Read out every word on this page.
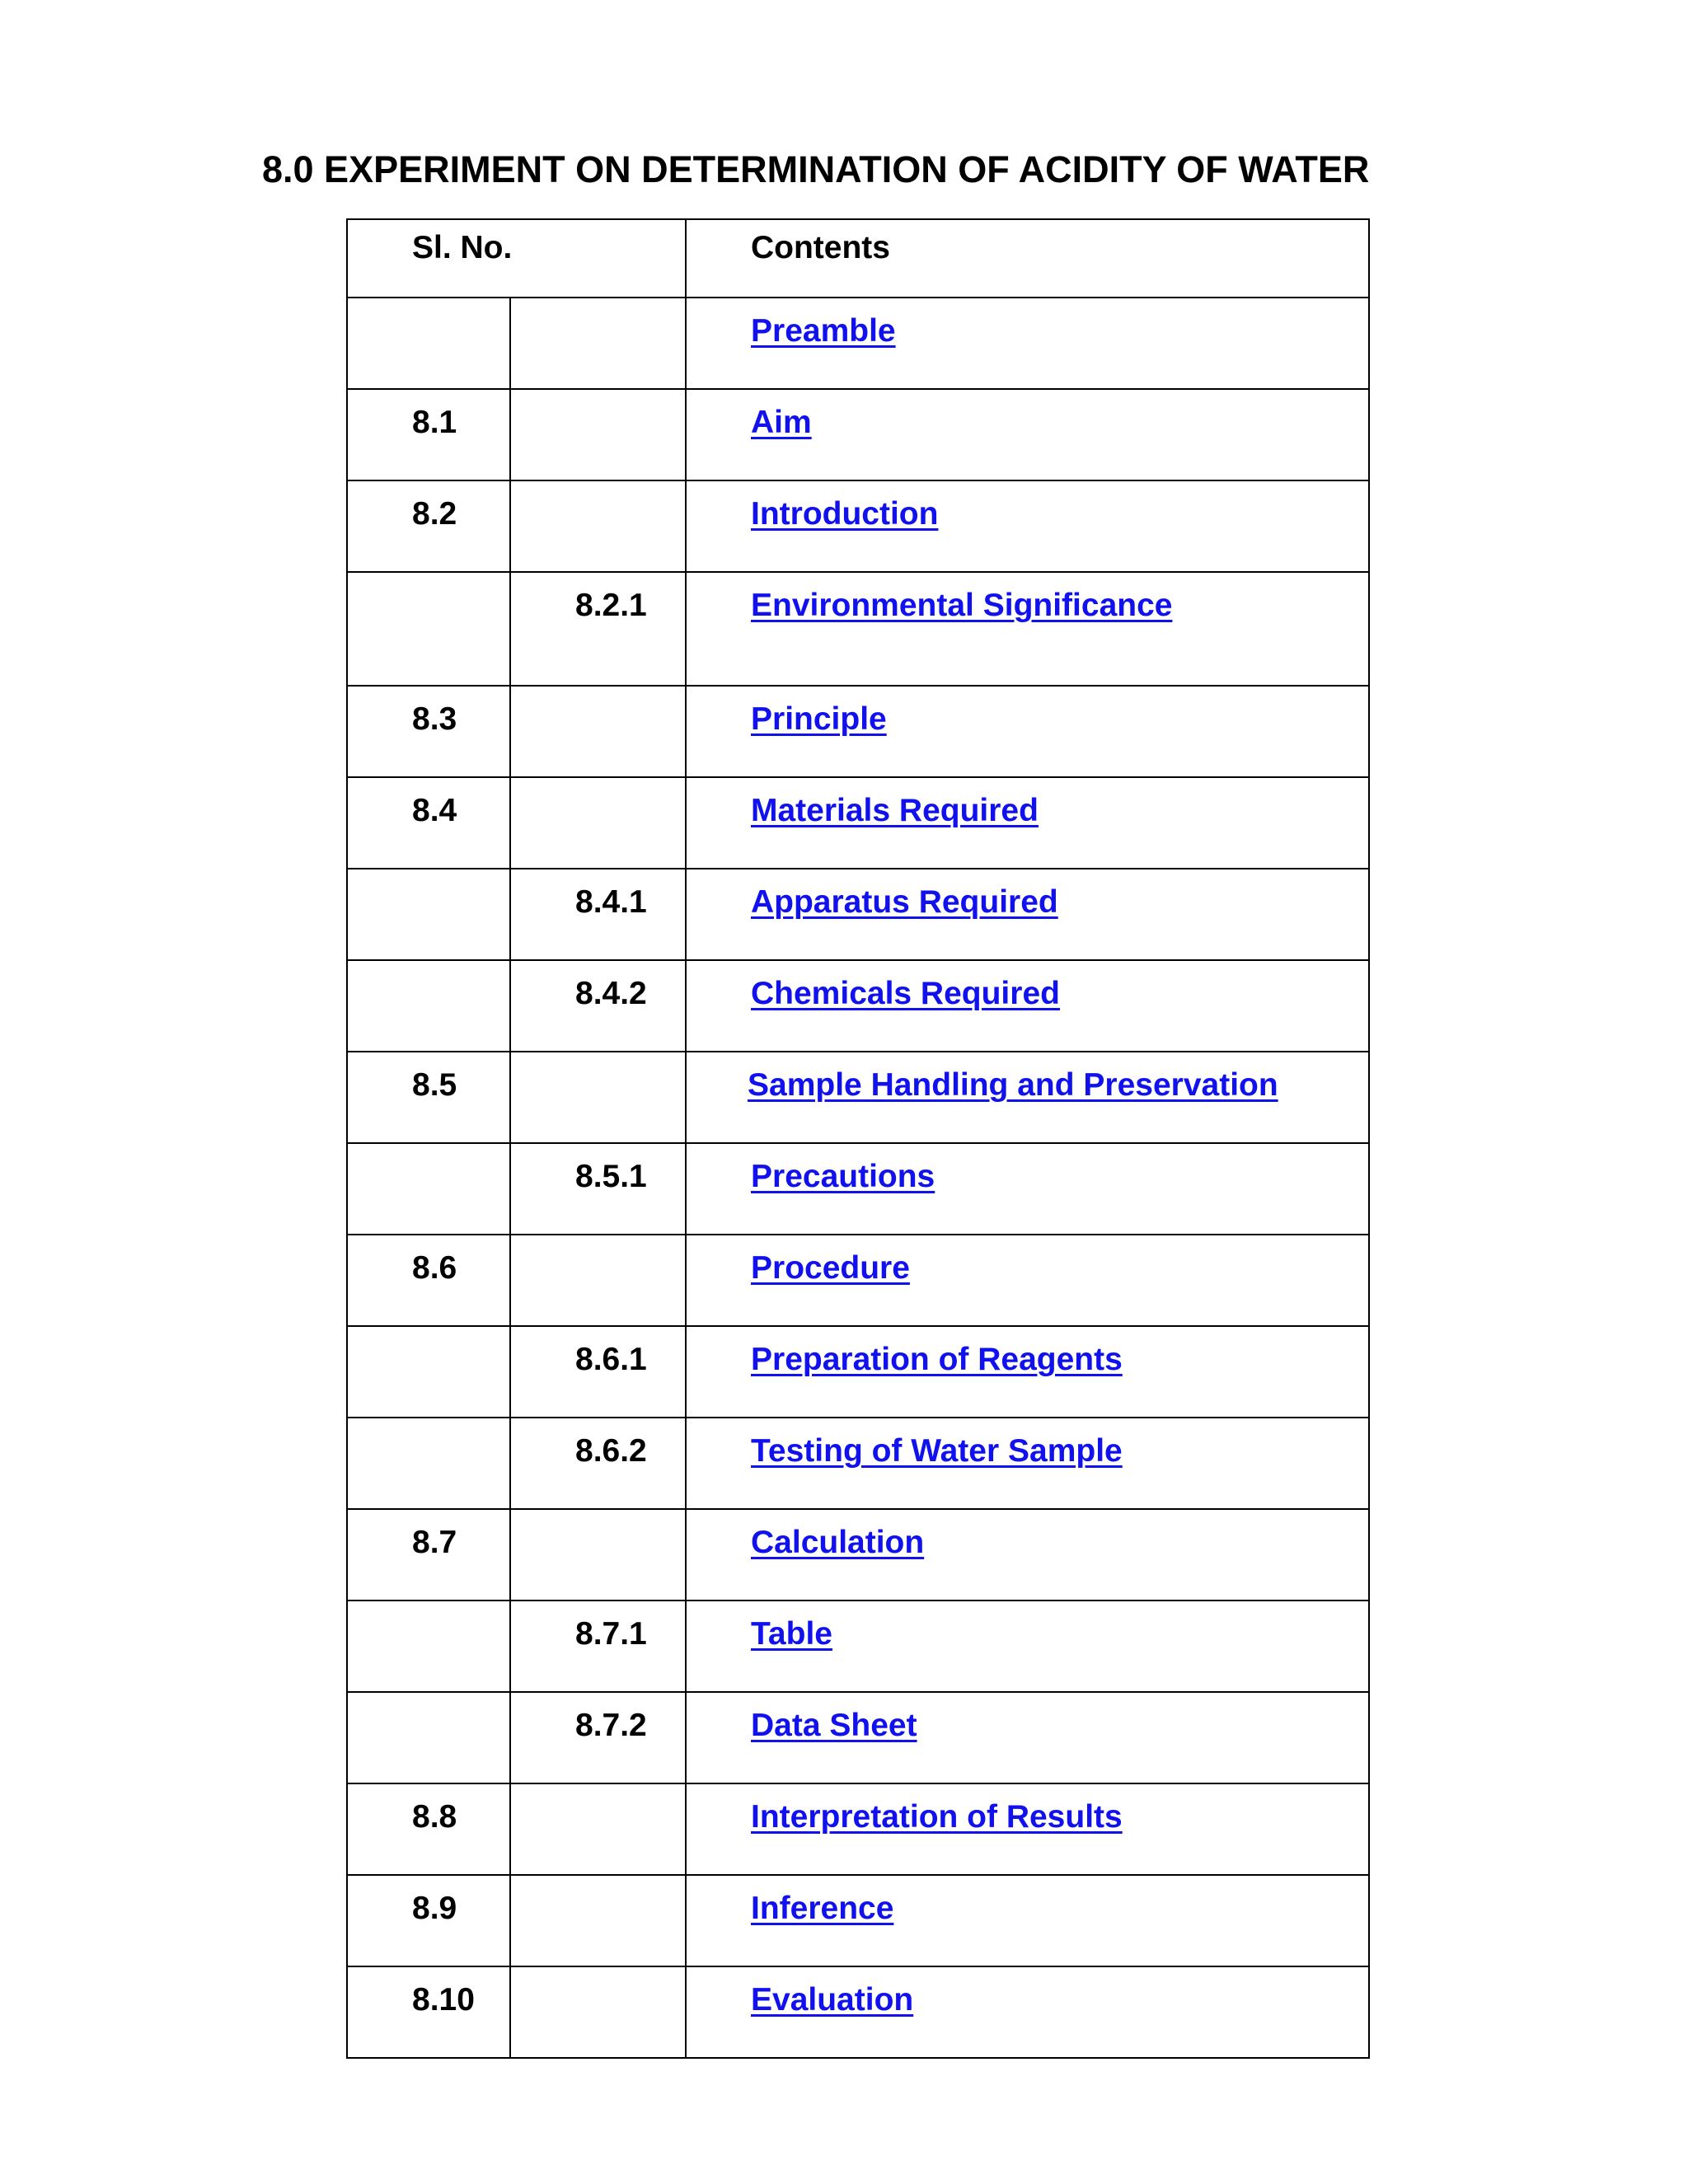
8.0 EXPERIMENT ON DETERMINATION OF ACIDITY OF WATER
Sl. No.		Contents

		Preamble

8.1		Aim

8.2		Introduction

	8.2.1	Environmental Significance

8.3		Principle

8.4		Materials Required

	8.4.1	Apparatus Required

	8.4.2	Chemicals Required

8.5		Sample Handling and Preservation

	8.5.1	Precautions

8.6		Procedure

	8.6.1	Preparation of Reagents

	8.6.2	Testing of Water Sample

8.7		Calculation

	8.7.1	Table

	8.7.2	Data Sheet

8.8		Interpretation of Results

8.9		Inference

8.10		Evaluation
